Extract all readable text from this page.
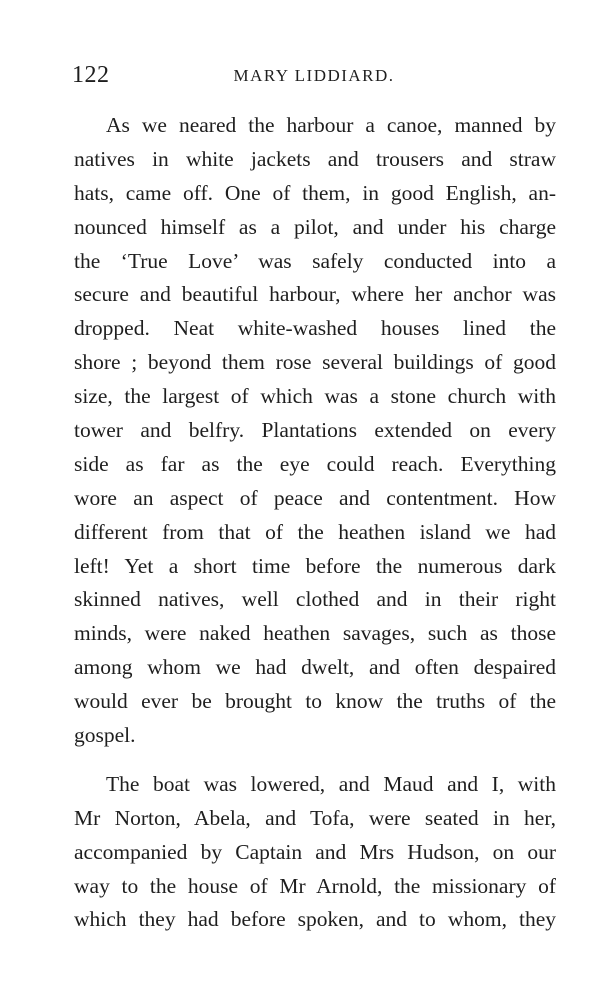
122	MARY LIDDIARD.
As we neared the harbour a canoe, manned by
natives in white jackets and trousers and straw
hats, came off. One of them, in good English, an-
nounced himself as a pilot, and under his charge
the ‘True Love’ was safely conducted into a
secure and beautiful harbour, where her anchor was
dropped. Neat white-washed houses lined the
shore ; beyond them rose several buildings of good
size, the largest of which was a stone church with
tower and belfry. Plantations extended on every
side as far as the eye could reach. Everything
wore an aspect of peace and contentment. How
different from that of the heathen island we had
left! Yet a short time before the numerous dark
skinned natives, well clothed and in their right
minds, were naked heathen savages, such as those
among whom we had dwelt, and often despaired
would ever be brought to know the truths of the
gospel.
The boat was lowered, and Maud and I, with
Mr Norton, Abela, and Tofa, were seated in her,
accompanied by Captain and Mrs Hudson, on our
way to the house of Mr Arnold, the missionary of
which they had before spoken, and to whom, they
